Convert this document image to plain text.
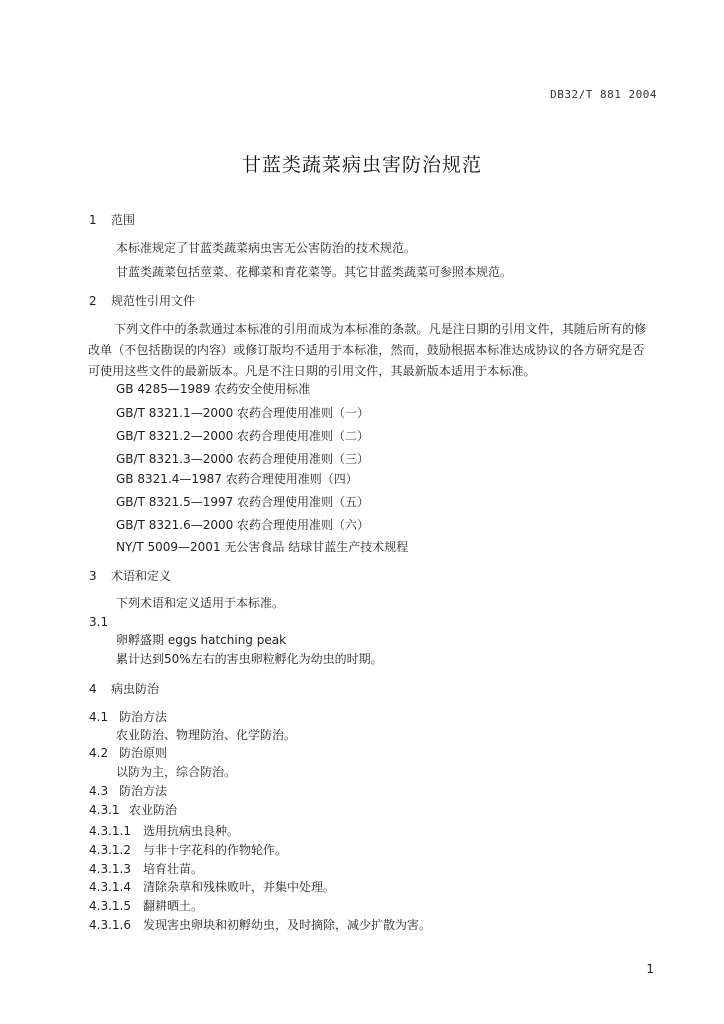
DB32/T 881 2004
甘蓝类蔬菜病虫害防治规范
1 范围
本标准规定了甘蓝类蔬菜病虫害无公害防治的技术规范。
甘蓝类蔬菜包括莖菜、花椰菜和青花菜等。其它甘蓝类蔬菜可参照本规范。
2 规范性引用文件
下列文件中的条款通过本标准的引用而成为本标准的条款。凡是注日期的引用文件，其随后所有的修改单（不包括勘误的内容）或修订版均不适用于本标准，然而，鼓励根据本标准达成协议的各方研究是否可使用这些文件的最新版本。凡是不注日期的引用文件，其最新版本适用于本标准。
GB 4285—1989 农药安全使用标准
GB/T 8321.1—2000 农药合理使用准则（一）
GB/T 8321.2—2000 农药合理使用准则（二）
GB/T 8321.3—2000 农药合理使用准则（三）
GB 8321.4—1987 农药合理使用准则（四）
GB/T 8321.5—1997 农药合理使用准则（五）
GB/T 8321.6—2000 农药合理使用准则（六）
NY/T 5009—2001 无公害食品 结球甘蓝生产技术规程
3 术语和定义
下列术语和定义适用于本标准。
3.1
卵孵盛期 eggs hatching peak
累计达到50%左右的害虫卵粒孵化为幼虫的时期。
4 病虫防治
4.1 防治方法
农业防治、物理防治、化学防治。
4.2 防治原则
以防为主，综合防治。
4.3 防治方法
4.3.1 农业防治
4.3.1.1 选用抗病虫良种。
4.3.1.2 与非十字花科的作物轮作。
4.3.1.3 培育壮苗。
4.3.1.4 清除杂草和残株败叶，并集中处理。
4.3.1.5 翻耕晒土。
4.3.1.6 发现害虫卵块和初孵幼虫，及时摘除，减少扩散为害。
1
